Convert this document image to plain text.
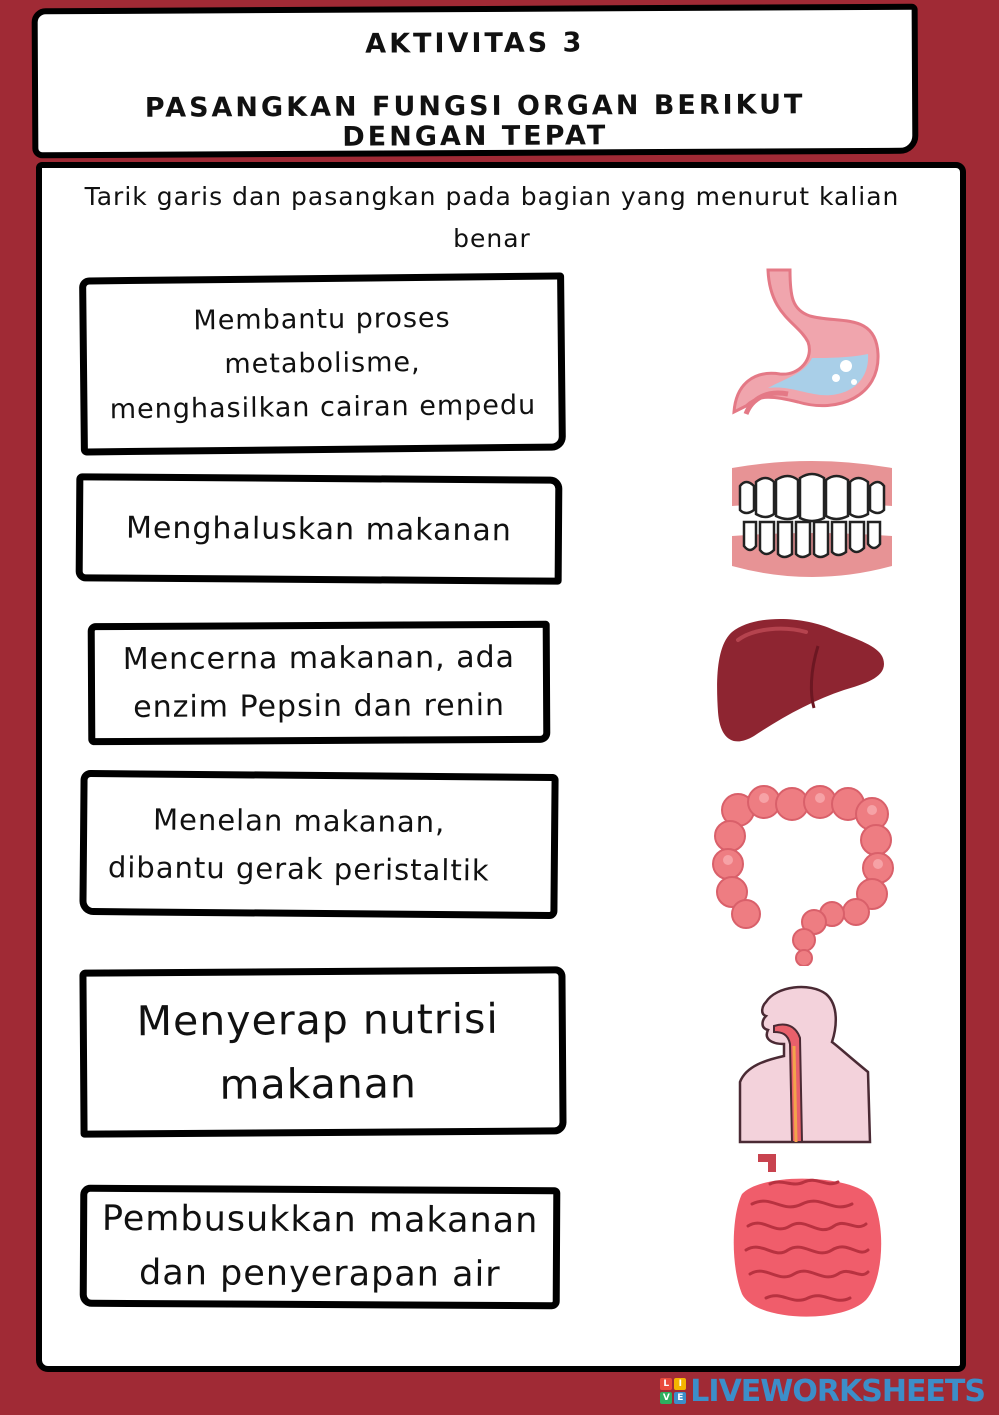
AKTIVITAS 3
PASANGKAN FUNGSI ORGAN BERIKUT DENGAN TEPAT
Tarik garis dan pasangkan pada bagian yang menurut kalian benar
Membantu proses metabolisme,
menghasilkan cairan empedu
Menghaluskan makanan
Mencerna makanan, ada
enzim Pepsin dan renin
Menelan makanan,
dibantu gerak peristaltik
Menyerap nutrisi
makanan
Pembusukkan makanan
dan penyerapan air
L	I
V E LIVEWORKSHEETS
